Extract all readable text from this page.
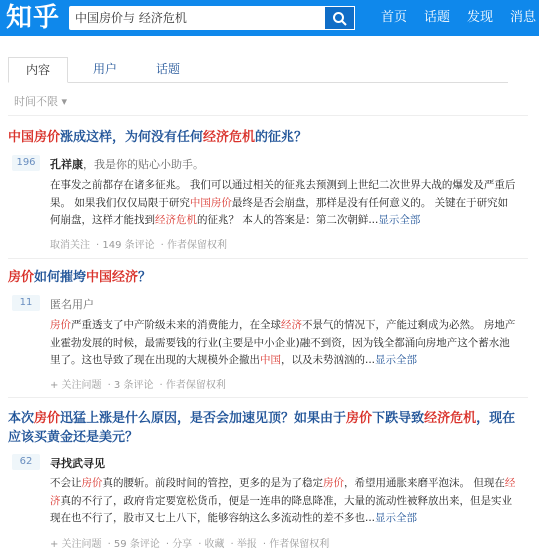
知乎	中国房价与 经济危机	首页 话题 发现 消息
内容	用户	话题
时间不限 ▾
中国房价涨成这样，为何没有任何经济危机的征兆？
196	孔祥康，我是你的贴心小助手。
在事发之前都存在诸多征兆。 我们可以通过相关的征兆去预测到上世纪二次世界大战的爆发及严重后果。 如果我们仅仅局限于研究中国房价最终是否会崩盘，那样是没有任何意义的。 关键在于研究如何崩盘，这样才能找到经济危机的征兆？ 本人的答案是：第二次朝鲜...显示全部
取消关注 · 149 条评论 · 作者保留权利
房价如何摧垮中国经济？
11	匿名用户
房价严重透支了中产阶级未来的消费能力，在全球经济不景气的情况下，产能过剩成为必然。 房地产业霍勃发展的时候，最需要钱的行业(主要是中小企业)融不到资，因为钱全都涌向房地产这个蓄水池里了。这也导致了现在出现的大规模外企撤出中国，以及未势汹汹的...显示全部
+ 关注问题 · 3 条评论 · 作者保留权利
本次房价迅猛上涨是什么原因，是否会加速见顶？如果由于房价下跌导致经济危机，现在应该买黄金还是美元？
62	寻找武寻见
不会让房价真的腰斩。前段时间的管控，更多的是为了稳定房价，希望用通胀来磨平泡沫。 但现在经济真的不行了，政府肯定要宽松货币，便是一连串的降息降准，大量的流动性被释放出来，但是实业现在也不行了，股市又七上八下，能够容纳这么多流动性的差不多也...显示全部
+ 关注问题 · 59 条评论 · 分享 · 收藏 · 举报 · 作者保留权利
